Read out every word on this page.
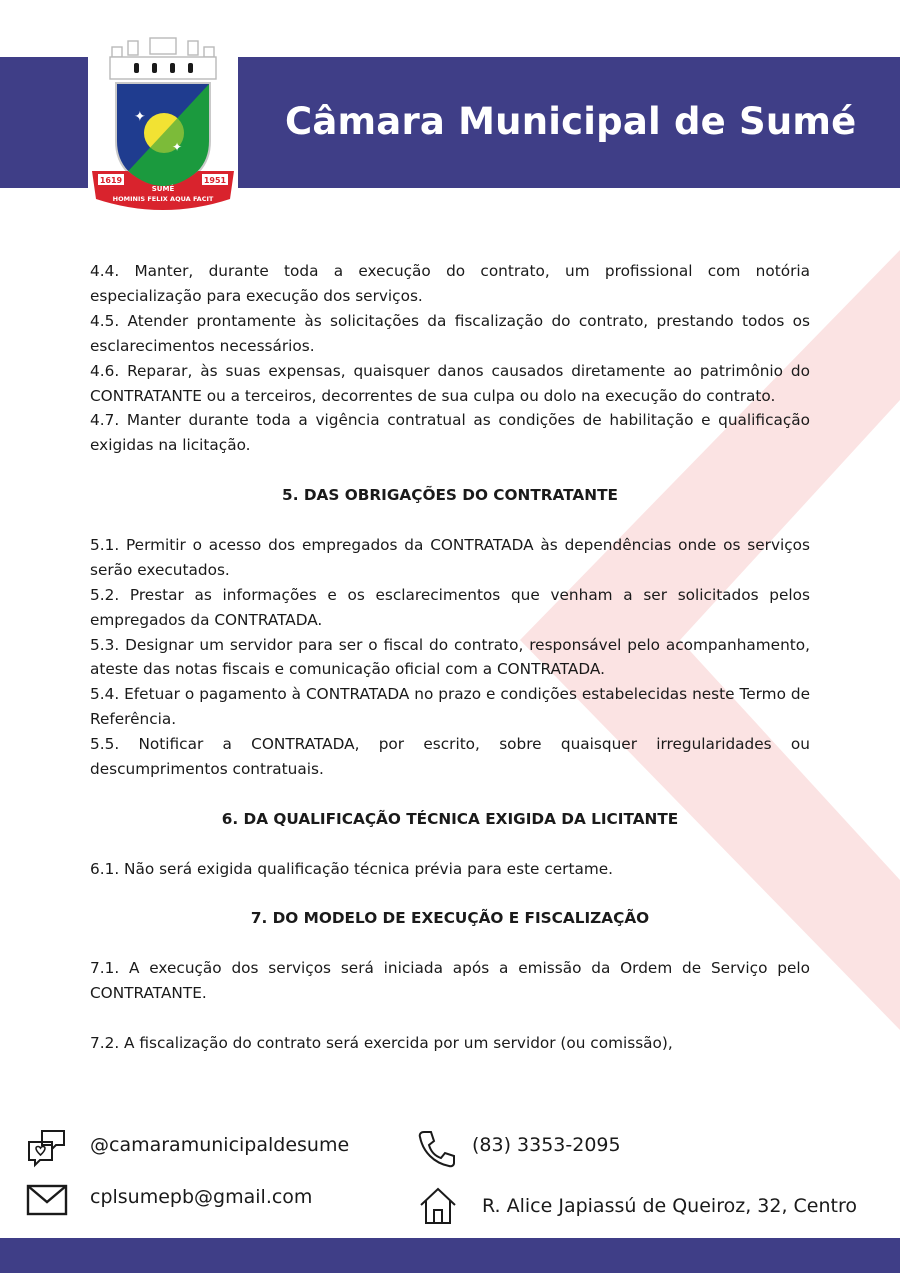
Câmara Municipal de Sumé
✦
✦
1619	1951
SUMÉ
HOMINIS FELIX AQUA FACIT

4.4. Manter, durante toda a execução do contrato, um profissional com notória especialização para execução dos serviços.

4.5. Atender prontamente às solicitações da fiscalização do contrato, prestando todos os esclarecimentos necessários.

4.6. Reparar, às suas expensas, quaisquer danos causados diretamente ao patrimônio do CONTRATANTE ou a terceiros, decorrentes de sua culpa ou dolo na execução do contrato.

4.7. Manter durante toda a vigência contratual as condições de habilitação e qualificação exigidas na licitação.

5. DAS OBRIGAÇÕES DO CONTRATANTE

5.1. Permitir o acesso dos empregados da CONTRATADA às dependências onde os serviços serão executados.

5.2. Prestar as informações e os esclarecimentos que venham a ser solicitados pelos empregados da CONTRATADA.

5.3. Designar um servidor para ser o fiscal do contrato, responsável pelo acompanhamento, ateste das notas fiscais e comunicação oficial com a CONTRATADA.

5.4. Efetuar o pagamento à CONTRATADA no prazo e condições estabelecidas neste Termo de Referência.

5.5. Notificar a CONTRATADA, por escrito, sobre quaisquer irregularidades ou descumprimentos contratuais.

6. DA QUALIFICAÇÃO TÉCNICA EXIGIDA DA LICITANTE

6.1. Não será exigida qualificação técnica prévia para este certame.

7. DO MODELO DE EXECUÇÃO E FISCALIZAÇÃO

7.1. A execução dos serviços será iniciada após a emissão da Ordem de Serviço pelo CONTRATANTE.

7.2. A fiscalização do contrato será exercida por um servidor (ou comissão),

@camaramunicipaldesume	(83) 3353-2095
cplsumepb@gmail.com	R. Alice Japiassú de Queiroz, 32, Centro
